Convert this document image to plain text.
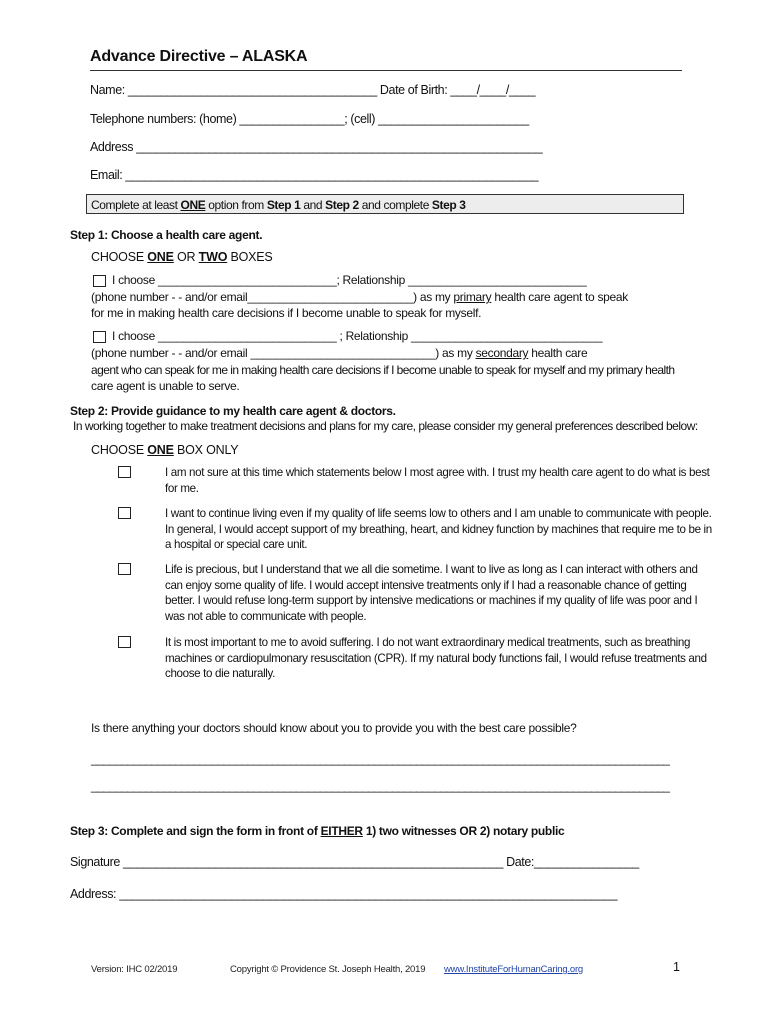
Advance Directive – ALASKA
Name: ______________________________________ Date of Birth: ____/____/____
Telephone numbers: (home) ________________; (cell) _______________________
Address ______________________________________________________________
Email: _______________________________________________________________
Complete at least ONE option from Step 1 and Step 2 and complete Step 3
Step 1: Choose a health care agent.
CHOOSE ONE OR TWO BOXES
I choose ____________________________; Relationship ____________________________
(phone number - - and/or email__________________________) as my primary health care agent to speak
for me in making health care decisions if I become unable to speak for myself.
I choose ____________________________ ; Relationship ______________________________
(phone number - - and/or email _____________________________) as my secondary health care
agent who can speak for me in making health care decisions if I become unable to speak for myself and my primary health
care agent is unable to serve.
Step 2: Provide guidance to my health care agent & doctors.
In working together to make treatment decisions and plans for my care, please consider my general preferences described below:
CHOOSE ONE BOX ONLY
I am not sure at this time which statements below I most agree with. I trust my health care agent to do what is best for me.
I want to continue living even if my quality of life seems low to others and I am unable to communicate with people. In general, I would accept support of my breathing, heart, and kidney function by machines that require me to be in a hospital or special care unit.
Life is precious, but I understand that we all die sometime. I want to live as long as I can interact with others and can enjoy some quality of life. I would accept intensive treatments only if I had a reasonable chance of getting better. I would refuse long-term support by intensive medications or machines if my quality of life was poor and I was not able to communicate with people.
It is most important to me to avoid suffering. I do not want extraordinary medical treatments, such as breathing machines or cardiopulmonary resuscitation (CPR). If my natural body functions fail, I would refuse treatments and choose to die naturally.
Is there anything your doctors should know about you to provide you with the best care possible?
________________________________________________________________________________________________
________________________________________________________________________________________________
Step 3: Complete and sign the form in front of EITHER 1) two witnesses OR 2) notary public
Signature __________________________________________________________ Date:________________
Address: ____________________________________________________________________________
Version: IHC 02/2019	Copyright © Providence St. Joseph Health, 2019 www.InstituteForHumanCaring.org	1
